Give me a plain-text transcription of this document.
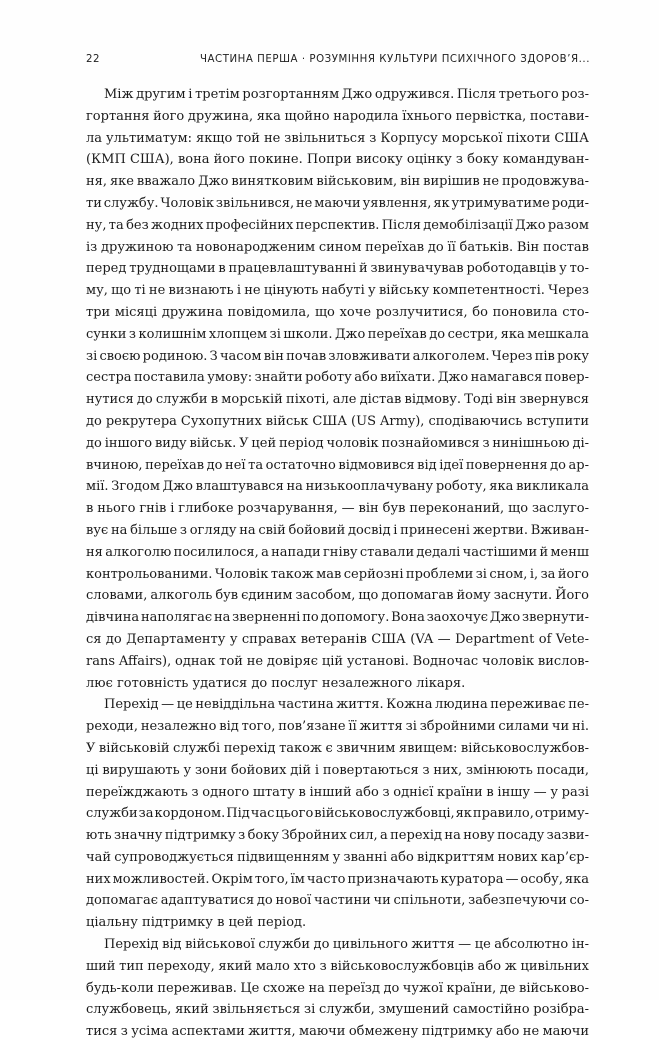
22	ЧАСТИНА ПЕРША · РОЗУМІННЯ КУЛЬТУРИ ПСИХІЧНОГО ЗДОРОВ’Я...
Між другим і третім розгортанням Джо одружився. Після третього роз-
гортання його дружина, яка щойно народила їхнього первістка, постави-
ла ультиматум: якщо той не звільниться з Корпусу морської піхоти США
(КМП США), вона його покине. Попри високу оцінку з боку командуван-
ня, яке вважало Джо винятковим військовим, він вирішив не продовжува-
ти службу. Чоловік звільнився, не маючи уявлення, як утримуватиме роди-
ну, та без жодних професійних перспектив. Після демобілізації Джо разом
із дружиною та новонародженим сином переїхав до її батьків. Він постав
перед труднощами в працевлаштуванні й звинувачував роботодавців у то-
му, що ті не визнають і не цінують набуті у війську компетентності. Через
три місяці дружина повідомила, що хоче розлучитися, бо поновила сто-
сунки з колишнім хлопцем зі школи. Джо переїхав до сестри, яка мешкала
зі своєю родиною. З часом він почав зловживати алкоголем. Через пів року
сестра поставила умову: знайти роботу або виїхати. Джо намагався повер-
нутися до служби в морській піхоті, але дістав відмову. Тоді він звернувся
до рекрутера Сухопутних військ США (US Army), сподіваючись вступити
до іншого виду військ. У цей період чоловік познайомився з нинішньою ді-
вчиною, переїхав до неї та остаточно відмовився від ідеї повернення до ар-
мії. Згодом Джо влаштувався на низькооплачувану роботу, яка викликала
в нього гнів і глибоке розчарування, — він був переконаний, що заслуго-
вує на більше з огляду на свій бойовий досвід і принесені жертви. Вживан-
ня алкоголю посилилося, а напади гніву ставали дедалі частішими й менш
контрольованими. Чоловік також мав серйозні проблеми зі сном, і, за його
словами, алкоголь був єдиним засобом, що допомагав йому заснути. Його
дівчина наполягає на зверненні по допомогу. Вона заохочує Джо звернути-
ся до Департаменту у справах ветеранів США (VA — Department of Vete-
rans Affairs), однак той не довіряє цій установі. Водночас чоловік вислов-
лює готовність удатися до послуг незалежного лікаря.
Перехід — це невіддільна частина життя. Кожна людина переживає пе-
реходи, незалежно від того, пов’язане її життя зі збройними силами чи ні.
У військовій службі перехід також є звичним явищем: військовослужбов-
ці вирушають у зони бойових дій і повертаються з них, змінюють посади,
переїжджають з одного штату в інший або з однієї країни в іншу — у разі
служби за кордоном. Під час цього військовослужбовці, як правило, отриму-
ють значну підтримку з боку Збройних сил, а перехід на нову посаду зазви-
чай супроводжується підвищенням у званні або відкриттям нових кар’єр-
них можливостей. Окрім того, їм часто призначають куратора — особу, яка
допомагає адаптуватися до нової частини чи спільноти, забезпечуючи со-
ціальну підтримку в цей період.
Перехід від військової служби до цивільного життя — це абсолютно ін-
ший тип переходу, який мало хто з військовослужбовців або ж цивільних
будь-коли переживав. Це схоже на переїзд до чужої країни, де військово-
службовець, який звільняється зі служби, змушений самостійно розібра-
тися з усіма аспектами життя, маючи обмежену підтримку або не маючи
